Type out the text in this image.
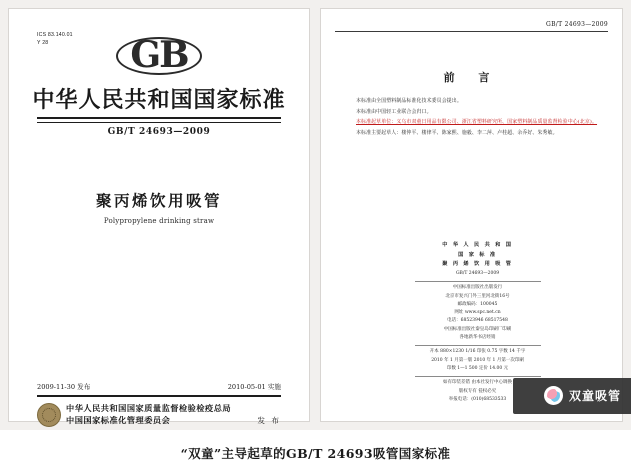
ICS 83.140.01
Y 28	GB
中华人民共和国国家标准
GB/T 24693—2009
聚丙烯饮用吸管
Polypropylene drinking straw
2009-11-30 发布	2010-05-01 实施
中华人民共和国国家质量监督检验检疫总局
中国国家标准化管理委员会	发 布
GB/T 24693—2009
前 言

本标准由全国塑料制品标准化技术委员会提出。

本标准由中国轻工业联合会归口。

本标准起草单位：义乌市双童日用品有限公司、浙江省塑料研究所、国家塑料制品质量监督检验中心(北京)。

本标准主要起草人：楼仲平、楼律平、陈家熙、施毅、李二萍、卢桂超、余乔好、朱秀敏。

中 华 人 民 共 和 国
国 家 标 准
聚 丙 烯 饮 用 吸 管
GB/T 24693—2009
中国标准出版社出版发行
北京市复兴门外三里河北街16号
邮政编码：100045
网址 www.spc.net.cn
电话：68523946 68517548
中国标准出版社秦皇岛印刷厂印刷
各地新华书店经销
开本 880×1230 1/16 印张 0.75 字数 14 千字
2010 年 1 月第一版 2010 年 1 月第一次印刷
印数 1—1 500 定价 14.00 元
如有印装差错 由本社发行中心调换
版权专有 侵权必究
举报电话：(010)68533533	双童吸管
“双童”主导起草的GB/T 24693吸管国家标准
